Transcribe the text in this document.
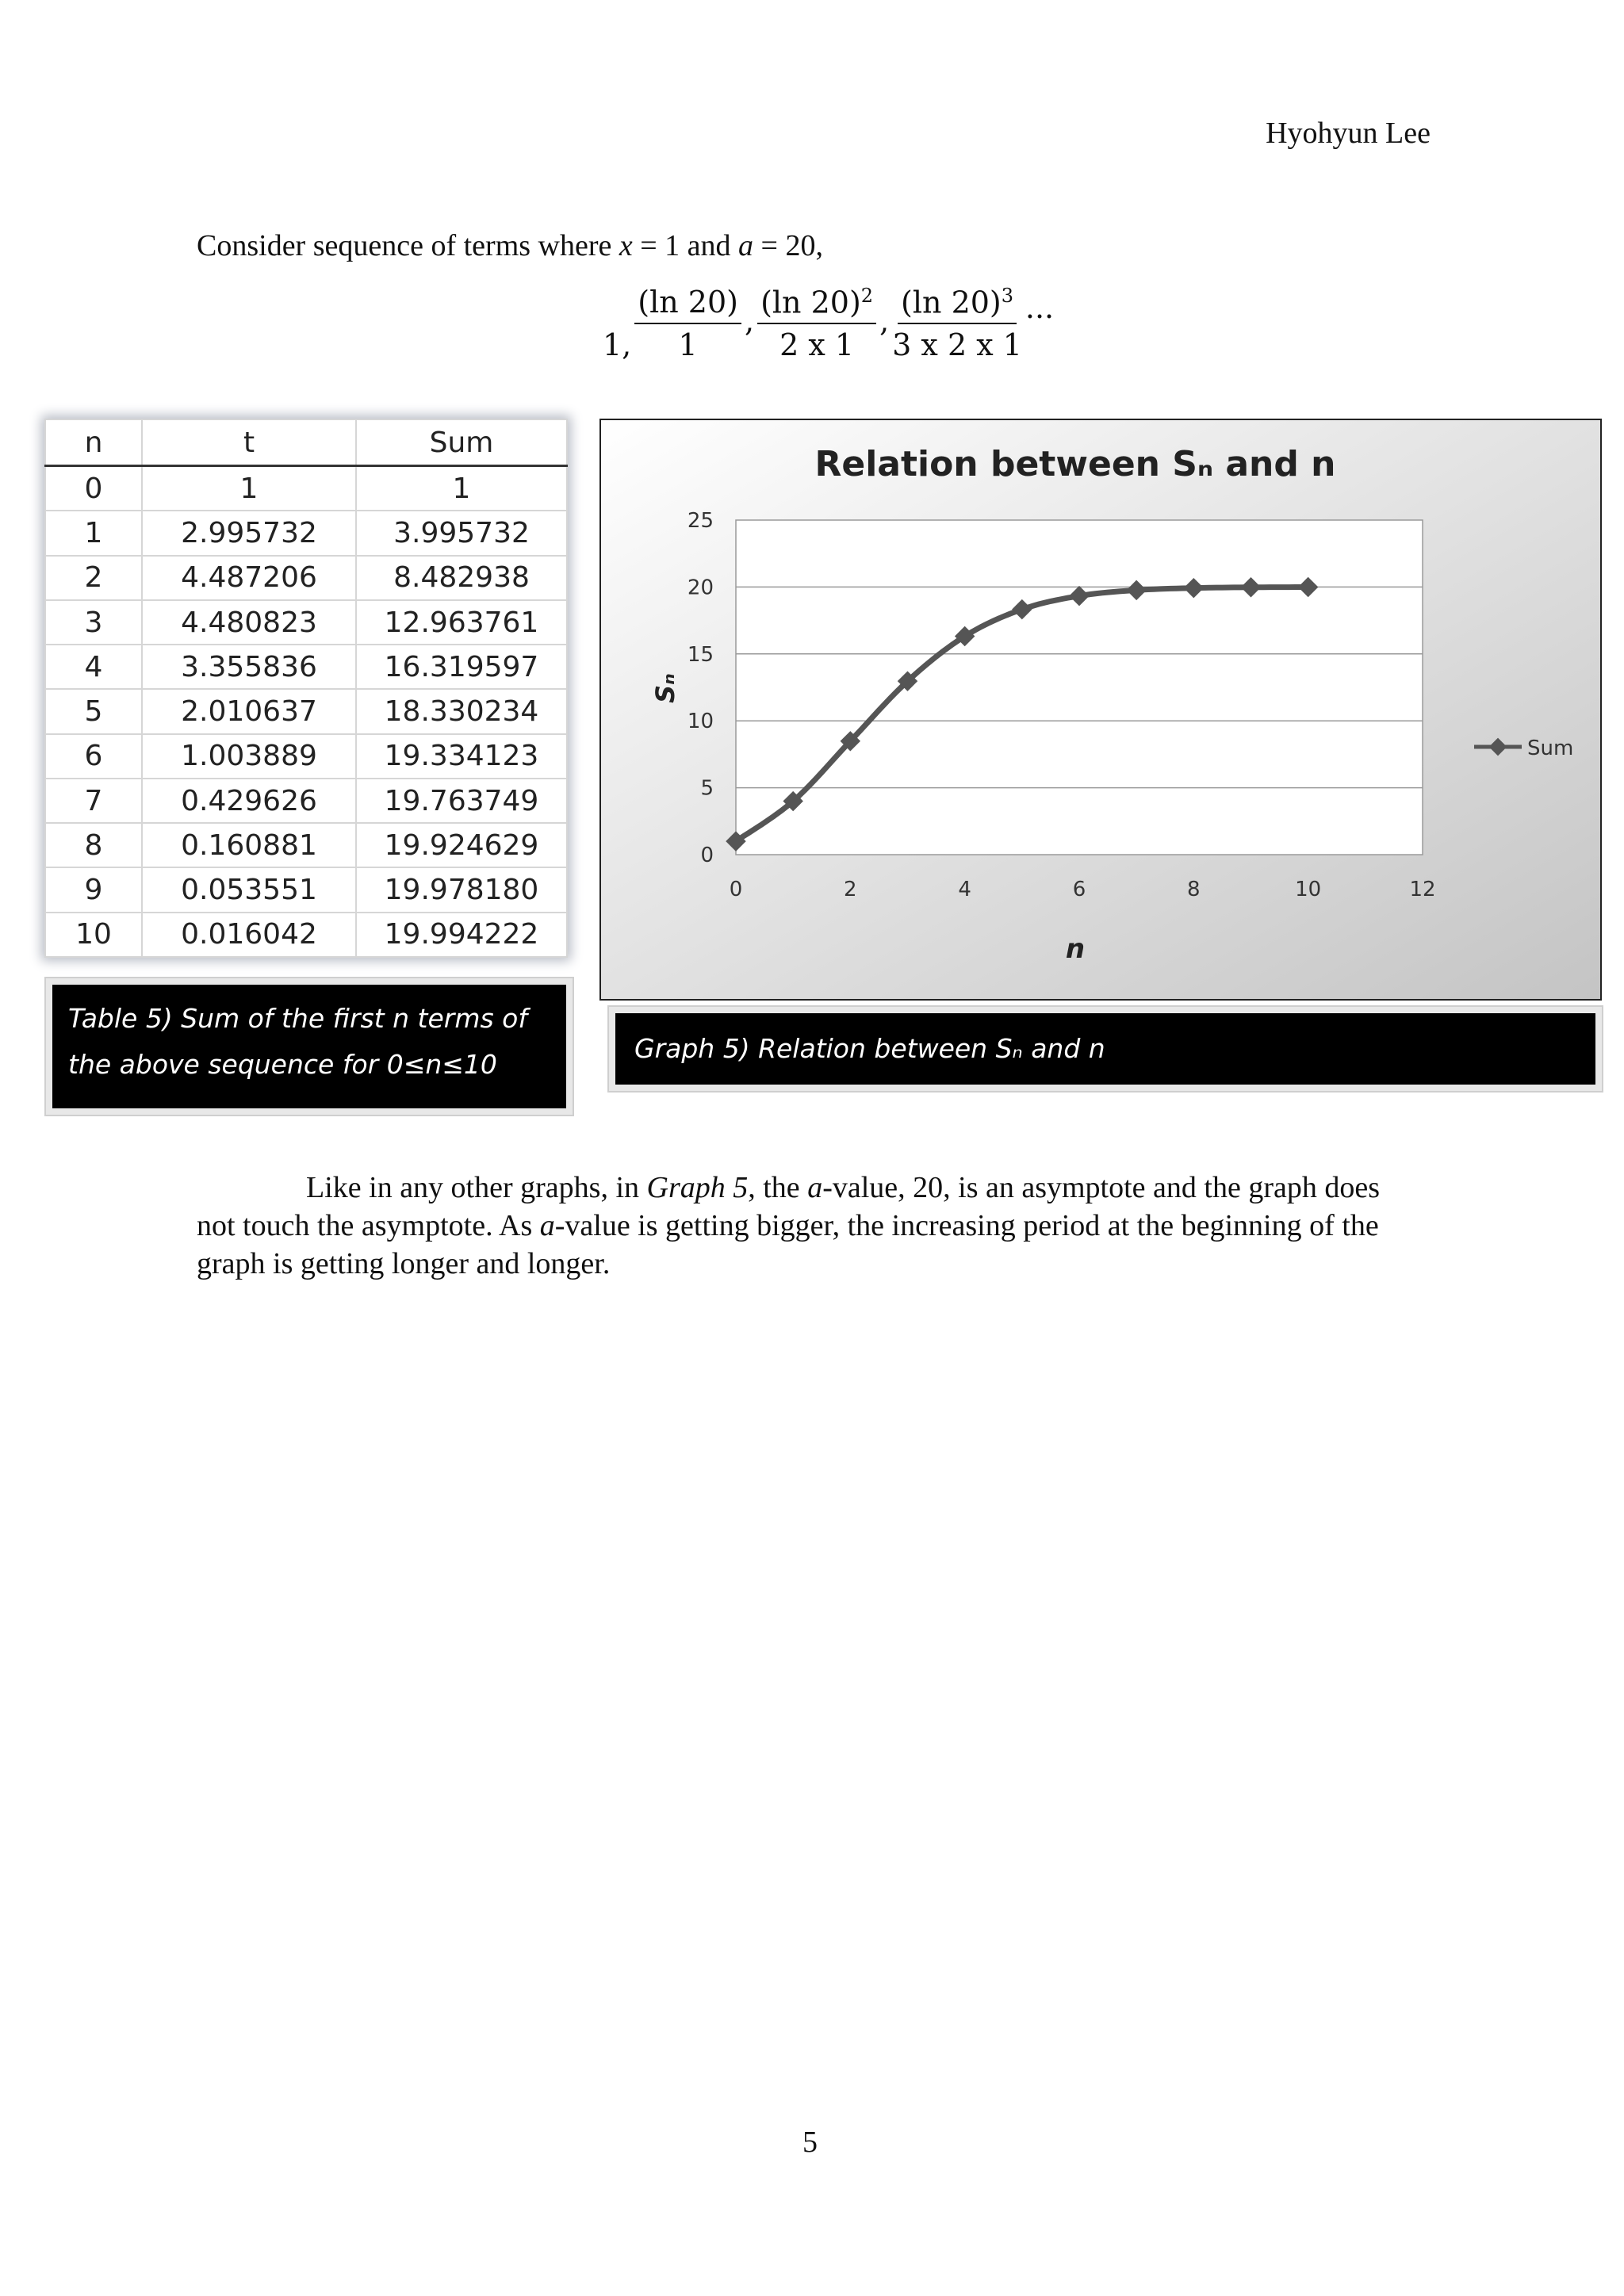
Hyohyun Lee
Consider sequence of terms where x = 1 and a = 20,
1, $\frac{(\ln 20)}{1}$ , $\frac{(\ln 20)^2}{2 x 1}$ , $\frac{(\ln 20)^3}{3 x 2 x 1}$ ...
n	t	Sum
0	1	1
1	2.995732	3.995732
2	4.487206	8.482938
3	4.480823	12.963761
4	3.355836	16.319597
5	2.010637	18.330234
6	1.003889	19.334123
7	0.429626	19.763749
8	0.160881	19.924629
9	0.053551	19.978180
10	0.016042	19.994222
Table 5) Sum of the first n terms of
the above sequence for 0≤n≤10
0
5
10
15
20
25
0	2	4	6	8	10	12
Relation between Sₙ and n
n
Sₙ
Sum
Graph 5) Relation between Sₙ and n
Like in any other graphs, in Graph 5, the a-value, 20, is an asymptote and the graph does not touch the asymptote. As a-value is getting bigger, the increasing period at the beginning of the graph is getting longer and longer.
5
